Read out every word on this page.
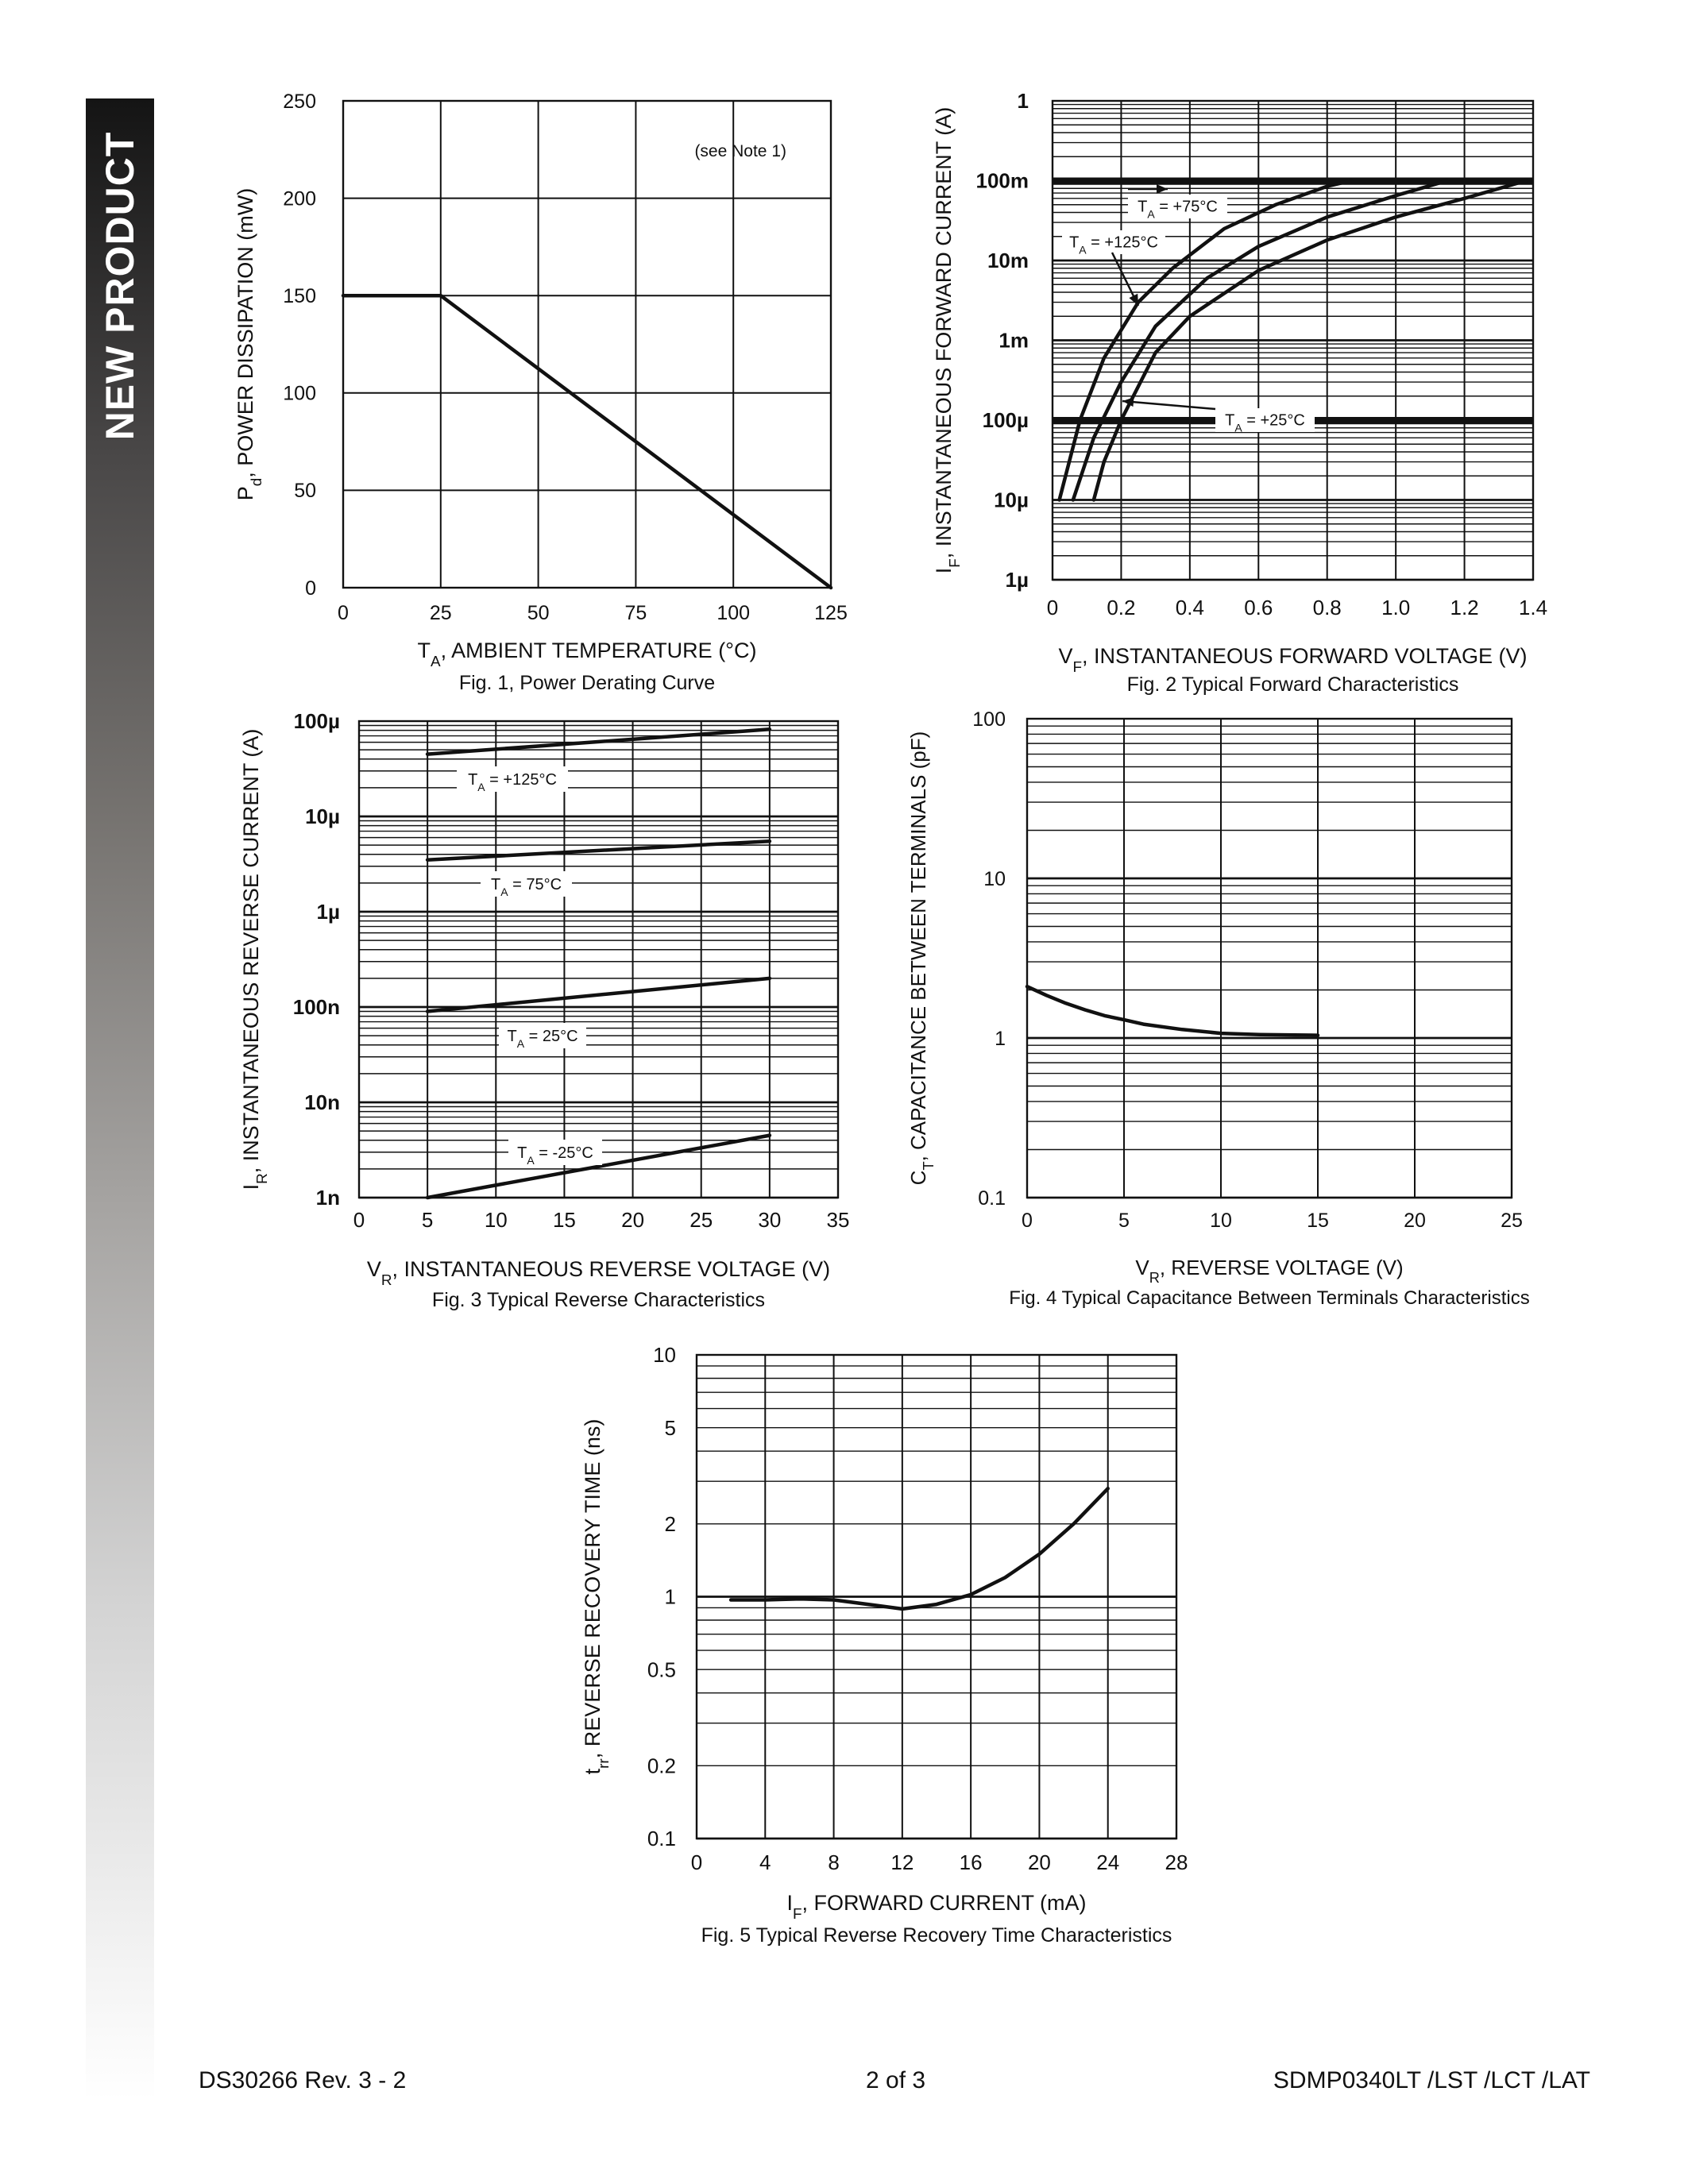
NEW PRODUCT
0	25	50	75	100	125
0
50
100
150
200
250
(see Note 1)
$T_A$, AMBIENT TEMPERATURE (°C)
Fig. 1, Power Derating Curve
$P_d$, POWER DISSIPATION (mW)
0 0.2 0.4 0.6 0.8 1.0 1.2 1.4
1µ
10µ
100µ
1m
10m
100m
1
$T_A = +75^\circ C$
$T_A = +125^\circ C$
$T_A = +25^\circ C$
$V_F$, INSTANTANEOUS FORWARD VOLTAGE (V)
Fig. 2 Typical Forward Characteristics
$I_F$, INSTANTANEOUS FORWARD CURRENT (A)
0	5 10 15 20 25 30 35
1n
10n
100n
1µ
10µ
100µ
$T_A = +125^\circ C$
$T_A = 75^\circ C$
$T_A = 25^\circ C$
$T_A = -25^\circ C$
$V_R$, INSTANTANEOUS REVERSE VOLTAGE (V)
Fig. 3 Typical Reverse Characteristics
$I_R$, INSTANTANEOUS REVERSE CURRENT (A)
0	5	10	15	20	25
0.1
1
10
100
$V_R$, REVERSE VOLTAGE (V)
Fig. 4 Typical Capacitance Between Terminals Characteristics
$C_T$, CAPACITANCE BETWEEN TERMINALS (pF)
0	4	8 12 16 20 24 28
0.1
0.2
0.5
1
2
5
10
$I_F$, FORWARD CURRENT (mA)
Fig. 5 Typical Reverse Recovery Time Characteristics
$t_{rr}$, REVERSE RECOVERY TIME (ns)
DS30266 Rev. 3 - 2	2 of 3	SDMP0340LT /LST /LCT /LAT
